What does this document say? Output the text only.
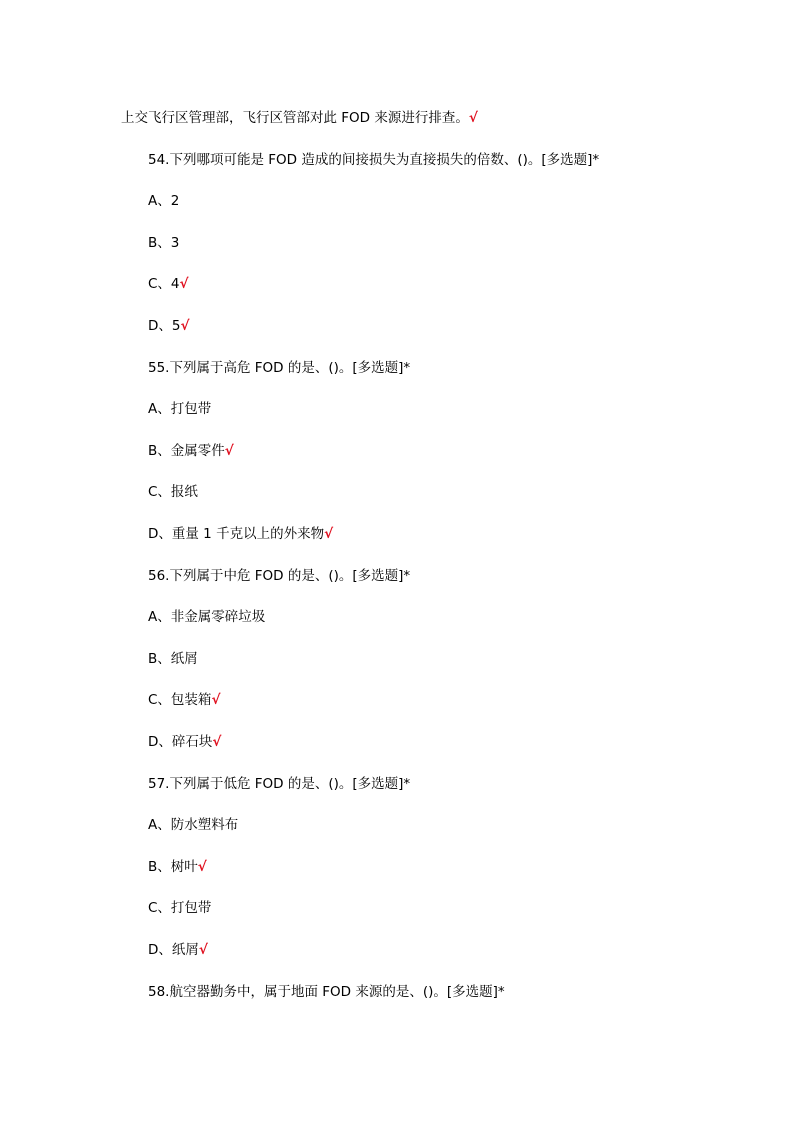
上交飞行区管理部，飞行区管部对此 FOD 来源进行排查。√
54.下列哪项可能是 FOD 造成的间接损失为直接损失的倍数、()。[多选题]*
A、2
B、3
C、4√
D、5√
55.下列属于高危 FOD 的是、()。[多选题]*
A、打包带
B、金属零件√
C、报纸
D、重量 1 千克以上的外来物√
56.下列属于中危 FOD 的是、()。[多选题]*
A、非金属零碎垃圾
B、纸屑
C、包装箱√
D、碎石块√
57.下列属于低危 FOD 的是、()。[多选题]*
A、防水塑料布
B、树叶√
C、打包带
D、纸屑√
58.航空器勤务中，属于地面 FOD 来源的是、()。[多选题]*
